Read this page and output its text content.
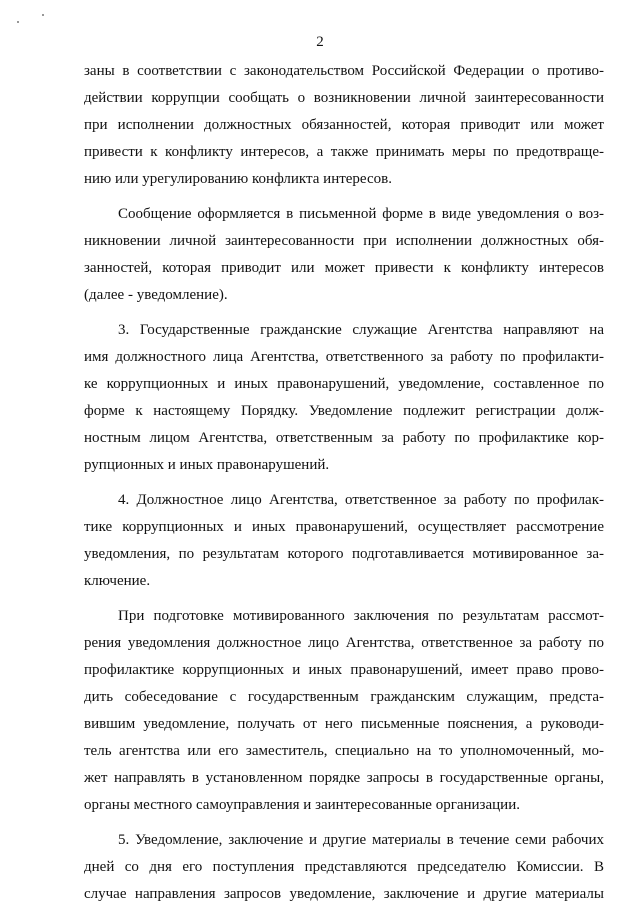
2

заны в соответствии с законодательством Российской Федерации о противо-
действии коррупции сообщать о возникновении личной заинтересованности
при исполнении должностных обязанностей, которая приводит или может
привести к конфликту интересов, а также принимать меры по предотвраще-
нию или урегулированию конфликта интересов.

Сообщение оформляется в письменной форме в виде уведомления о воз-
никновении личной заинтересованности при исполнении должностных обя-
занностей, которая приводит или может привести к конфликту интересов
(далее - уведомление).

3. Государственные гражданские служащие Агентства направляют на
имя должностного лица Агентства, ответственного за работу по профилакти-
ке коррупционных и иных правонарушений, уведомление, составленное по
форме к настоящему Порядку. Уведомление подлежит регистрации долж-
ностным лицом Агентства, ответственным за работу по профилактике кор-
рупционных и иных правонарушений.

4. Должностное лицо Агентства, ответственное за работу по профилак-
тике коррупционных и иных правонарушений, осуществляет рассмотрение
уведомления, по результатам которого подготавливается мотивированное за-
ключение.

При подготовке мотивированного заключения по результатам рассмот-
рения уведомления должностное лицо Агентства, ответственное за работу по
профилактике коррупционных и иных правонарушений, имеет право прово-
дить собеседование с государственным гражданским служащим, предста-
вившим уведомление, получать от него письменные пояснения, а руководи-
тель агентства или его заместитель, специально на то уполномоченный, мо-
жет направлять в установленном порядке запросы в государственные органы,
органы местного самоуправления и заинтересованные организации.

5. Уведомление, заключение и другие материалы в течение семи рабочих
дней со дня его поступления представляются председателю Комиссии. В
случае направления запросов уведомление, заключение и другие материалы
